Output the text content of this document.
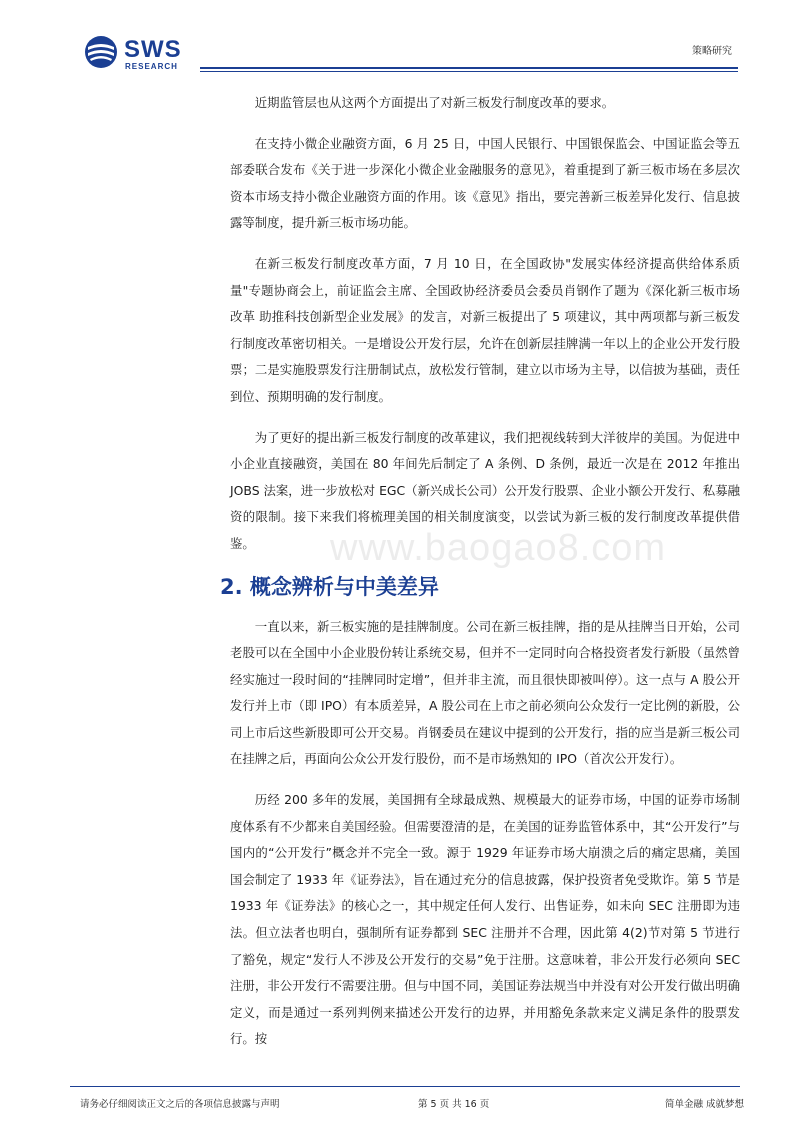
SWS
RESEARCH
策略研究

近期监管层也从这两个方面提出了对新三板发行制度改革的要求。

在支持小微企业融资方面，6 月 25 日，中国人民银行、中国银保监会、中国证监会等五部委联合发布《关于进一步深化小微企业金融服务的意见》，着重提到了新三板市场在多层次资本市场支持小微企业融资方面的作用。该《意见》指出，要完善新三板差异化发行、信息披露等制度，提升新三板市场功能。

在新三板发行制度改革方面，7 月 10 日，在全国政协"发展实体经济提高供给体系质量"专题协商会上，前证监会主席、全国政协经济委员会委员肖钢作了题为《深化新三板市场改革 助推科技创新型企业发展》的发言，对新三板提出了 5 项建议，其中两项都与新三板发行制度改革密切相关。一是增设公开发行层，允许在创新层挂牌满一年以上的企业公开发行股票；二是实施股票发行注册制试点，放松发行管制，建立以市场为主导，以信披为基础，责任到位、预期明确的发行制度。

为了更好的提出新三板发行制度的改革建议，我们把视线转到大洋彼岸的美国。为促进中小企业直接融资，美国在 80 年间先后制定了 A 条例、D 条例，最近一次是在 2012 年推出 JOBS 法案，进一步放松对 EGC（新兴成长公司）公开发行股票、企业小额公开发行、私募融资的限制。接下来我们将梳理美国的相关制度演变，以尝试为新三板的发行制度改革提供借鉴。

2. 概念辨析与中美差异

一直以来，新三板实施的是挂牌制度。公司在新三板挂牌，指的是从挂牌当日开始，公司老股可以在全国中小企业股份转让系统交易，但并不一定同时向合格投资者发行新股（虽然曾经实施过一段时间的“挂牌同时定增”，但并非主流，而且很快即被叫停）。这一点与 A 股公开发行并上市（即 IPO）有本质差异，A 股公司在上市之前必须向公众发行一定比例的新股，公司上市后这些新股即可公开交易。肖钢委员在建议中提到的公开发行，指的应当是新三板公司在挂牌之后，再面向公众公开发行股份，而不是市场熟知的 IPO（首次公开发行）。

历经 200 多年的发展，美国拥有全球最成熟、规模最大的证券市场，中国的证券市场制度体系有不少都来自美国经验。但需要澄清的是，在美国的证券监管体系中，其“公开发行”与国内的“公开发行”概念并不完全一致。源于 1929 年证券市场大崩溃之后的痛定思痛，美国国会制定了 1933 年《证券法》，旨在通过充分的信息披露，保护投资者免受欺诈。第 5 节是 1933 年《证券法》的核心之一，其中规定任何人发行、出售证券，如未向 SEC 注册即为违法。但立法者也明白，强制所有证券都到 SEC 注册并不合理，因此第 4(2)节对第 5 节进行了豁免，规定“发行人不涉及公开发行的交易”免于注册。这意味着，非公开发行必须向 SEC 注册，非公开发行不需要注册。但与中国不同，美国证券法规当中并没有对公开发行做出明确定义，而是通过一系列判例来描述公开发行的边界，并用豁免条款来定义满足条件的股票发行。按

www.baogao8.com
请务必仔细阅读正文之后的各项信息披露与声明	第 5 页 共 16 页	简单金融 成就梦想
